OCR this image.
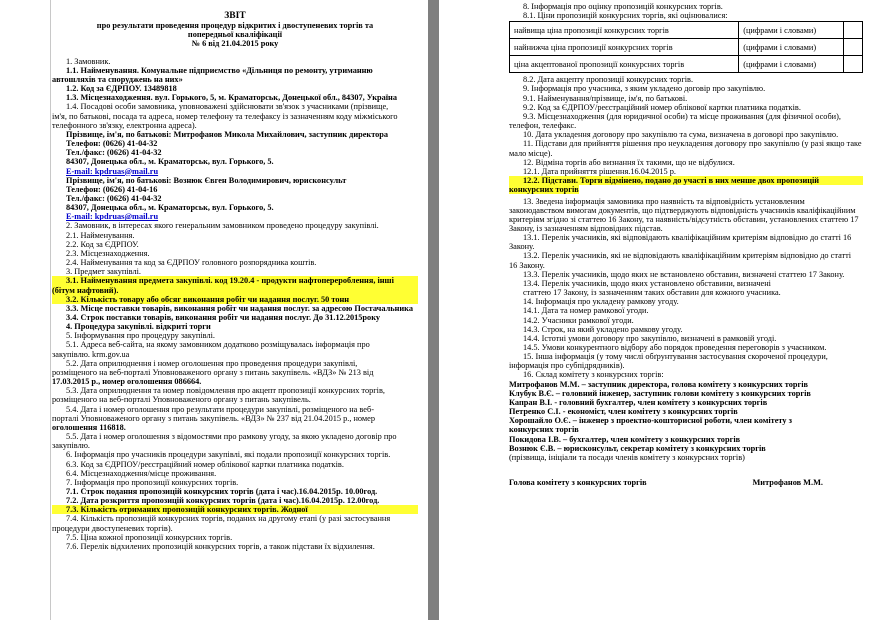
ЗВІТ
про результати проведення процедур відкритих і двоступеневих торгів та
попередньої кваліфікації
№ 6 від 21.04.2015 року
1. Замовник.
1.1. Найменування. Комунальне підприємство «Дільниця по ремонту, утриманню
автошляхів та споруджень на них»
1.2. Код за ЄДРПОУ. 13489818
1.3. Місцезнаходження. вул. Горького, 5, м. Краматорськ, Донецької обл., 84307, Україна
1.4. Посадові особи замовника, уповноважені здійснювати зв'язок з учасниками (прізвище,
ім'я, по батькові, посада та адреса, номер телефону та телефаксу із зазначенням коду міжміського
телефонного зв'язку, електронна адреса).
Прізвище, ім'я, по батькові: Митрофанов Микола Михайлович, заступник директора
Телефон: (0626) 41-04-32
Тел./факс: (0626) 41-04-32
84307, Донецька обл., м. Краматорськ, вул. Горького, 5.
E-mail: kpdruas@mail.ru
Прізвище, ім'я, по батькові: Вознюк Євген Володимирович, юрисконсульт
Телефон: (0626) 41-04-16
Тел./факс: (0626) 41-04-32
84307, Донецька обл., м. Краматорськ, вул. Горького, 5.
E-mail: kpdruas@mail.ru
2. Замовник, в інтересах якого генеральним замовником проведено процедуру закупівлі.
2.1. Найменування.
2.2. Код за ЄДРПОУ.
2.3. Місцезнаходження.
2.4. Найменування та код за ЄДРПОУ головного розпорядника коштів.
3. Предмет закупівлі.
3.1. Найменування предмета закупівлі. код 19.20.4 - продукти нафтоперероблення, інші
(бітум нафтовий).
3.2. Кількість товару або обсяг виконання робіт чи надання послуг. 50 тонн
3.3. Місце поставки товарів, виконання робіт чи надання послуг. за адресою Постачальника
3.4. Строк поставки товарів, виконання робіт чи надання послуг. До 31.12.2015року
4. Процедура закупівлі. відкриті торги
5. Інформування про процедуру закупівлі.
5.1. Адреса веб-сайта, на якому замовником додатково розміщувалась інформація про
закупівлю. krm.gov.ua
5.2. Дата оприлюднення і номер оголошення про проведення процедури закупівлі,
розміщеного на веб-порталі Уповноваженого органу з питань закупівель. «ВДЗ» № 213 від
17.03.2015 р., номер оголошення 086664.
5.3. Дата оприлюднення та номер повідомлення про акцепт пропозиції конкурсних торгів,
розміщеного на веб-порталі Уповноваженого органу з питань закупівель.
5.4. Дата і номер оголошення про результати процедури закупівлі, розміщеного на веб-
порталі Уповноваженого органу з питань закупівель. «ВДЗ» № 237 від 21.04.2015 р., номер
оголошення 116818.
5.5. Дата і номер оголошення з відомостями про рамкову угоду, за якою укладено договір про
закупівлю.
6. Інформація про учасників процедури закупівлі, які подали пропозиції конкурсних торгів.
6.3. Код за ЄДРПОУ/реєстраційний номер облікової картки платника податків.
6.4. Місцезнаходження/місце проживання.
7. Інформація про пропозиції конкурсних торгів.
7.1. Строк подання пропозицій конкурсних торгів (дата і час).16.04.2015р. 10.00год.
7.2. Дата розкриття пропозицій конкурсних торгів (дата і час).16.04.2015р. 12.00год.
7.3. Кількість отриманих пропозицій конкурсних торгів. Жодної
7.4. Кількість пропозицій конкурсних торгів, поданих на другому етапі (у разі застосування
процедури двоступеневих торгів).
7.5. Ціна кожної пропозиції конкурсних торгів.
7.6. Перелік відхилених пропозицій конкурсних торгів, а також підстави їх відхилення.
8. Інформація про оцінку пропозицій конкурсних торгів.
8.1. Ціни пропозицій конкурсних торгів, які оцінювалися:
найвища ціна пропозиції конкурсних торгів	(цифрами і словами)	
найнижча ціна пропозиції конкурсних торгів	(цифрами і словами)	
ціна акцептованої пропозиції конкурсних торгів	(цифрами і словами)	
8.2. Дата акцепту пропозиції конкурсних торгів.
9. Інформація про учасника, з яким укладено договір про закупівлю.
9.1. Найменування/прізвище, ім'я, по батькові.
9.2. Код за ЄДРПОУ/реєстраційний номер облікової картки платника податків.
9.3. Місцезнаходження (для юридичної особи) та місце проживання (для фізичної особи),
телефон, телефакс.
10. Дата укладення договору про закупівлю та сума, визначена в договорі про закупівлю.
11. Підстави для прийняття рішення про неукладення договору про закупівлю (у разі якщо таке
мало місце).
12. Відміна торгів або визнання їх такими, що не відбулися.
12.1. Дата прийняття рішення.16.04.2015 р.
12.2. Підстави. Торги відмінено, подано до участі в них менше двох пропозицій
конкурсних торгів
13. Зведена інформація замовника про наявність та відповідність установленим
законодавством вимогам документів, що підтверджують відповідність учасників кваліфікаційним
критеріям згідно зі статтею 16 Закону, та наявність/відсутність обставин, установлених статтею 17
Закону, із зазначенням відповідних підстав.
13.1. Перелік учасників, які відповідають кваліфікаційним критеріям відповідно до статті 16
Закону.
13.2. Перелік учасників, які не відповідають кваліфікаційним критеріям відповідно до статті
16 Закону.
13.3. Перелік учасників, щодо яких не встановлено обставин, визначені статтею 17 Закону.
13.4. Перелік учасників, щодо яких установлено обставини, визначені
статтею 17 Закону, із зазначенням таких обставин для кожного учасника.
14. Інформація про укладену рамкову угоду.
14.1. Дата та номер рамкової угоди.
14.2. Учасники рамкової угоди.
14.3. Строк, на який укладено рамкову угоду.
14.4. Істотні умови договору про закупівлю, визначені в рамковій угоді.
14.5. Умови конкурентного відбору або порядок проведення переговорів з учасником.
15. Інша інформація (у тому числі обґрунтування застосування скороченої процедури,
інформація про субпідрядників).
16. Склад комітету з конкурсних торгів:
Митрофанов М.М. – заступник директора, голова комітету з конкурсних торгів
Клубук В.Є. – головний інженер, заступник голови комітету з конкурсних торгів
Капран В.І. - головний бухгалтер, член комітету з конкурсних торгів
Петренко С.І. - економіст, член комітету з конкурсних торгів
Хорошайло О.Є. – інженер з проектно-кошторисної роботи, член комітету з
конкурсних торгів
Покидова І.В. – бухгалтер, член комітету з конкурсних торгів
Вознюк Є.В. – юрисконсульт, секретар комітету з конкурсних торгів
(прізвища, ініціали та посади членів комітету з конкурсних торгів)
Голова комітету з конкурсних торгів	Митрофанов М.М.
